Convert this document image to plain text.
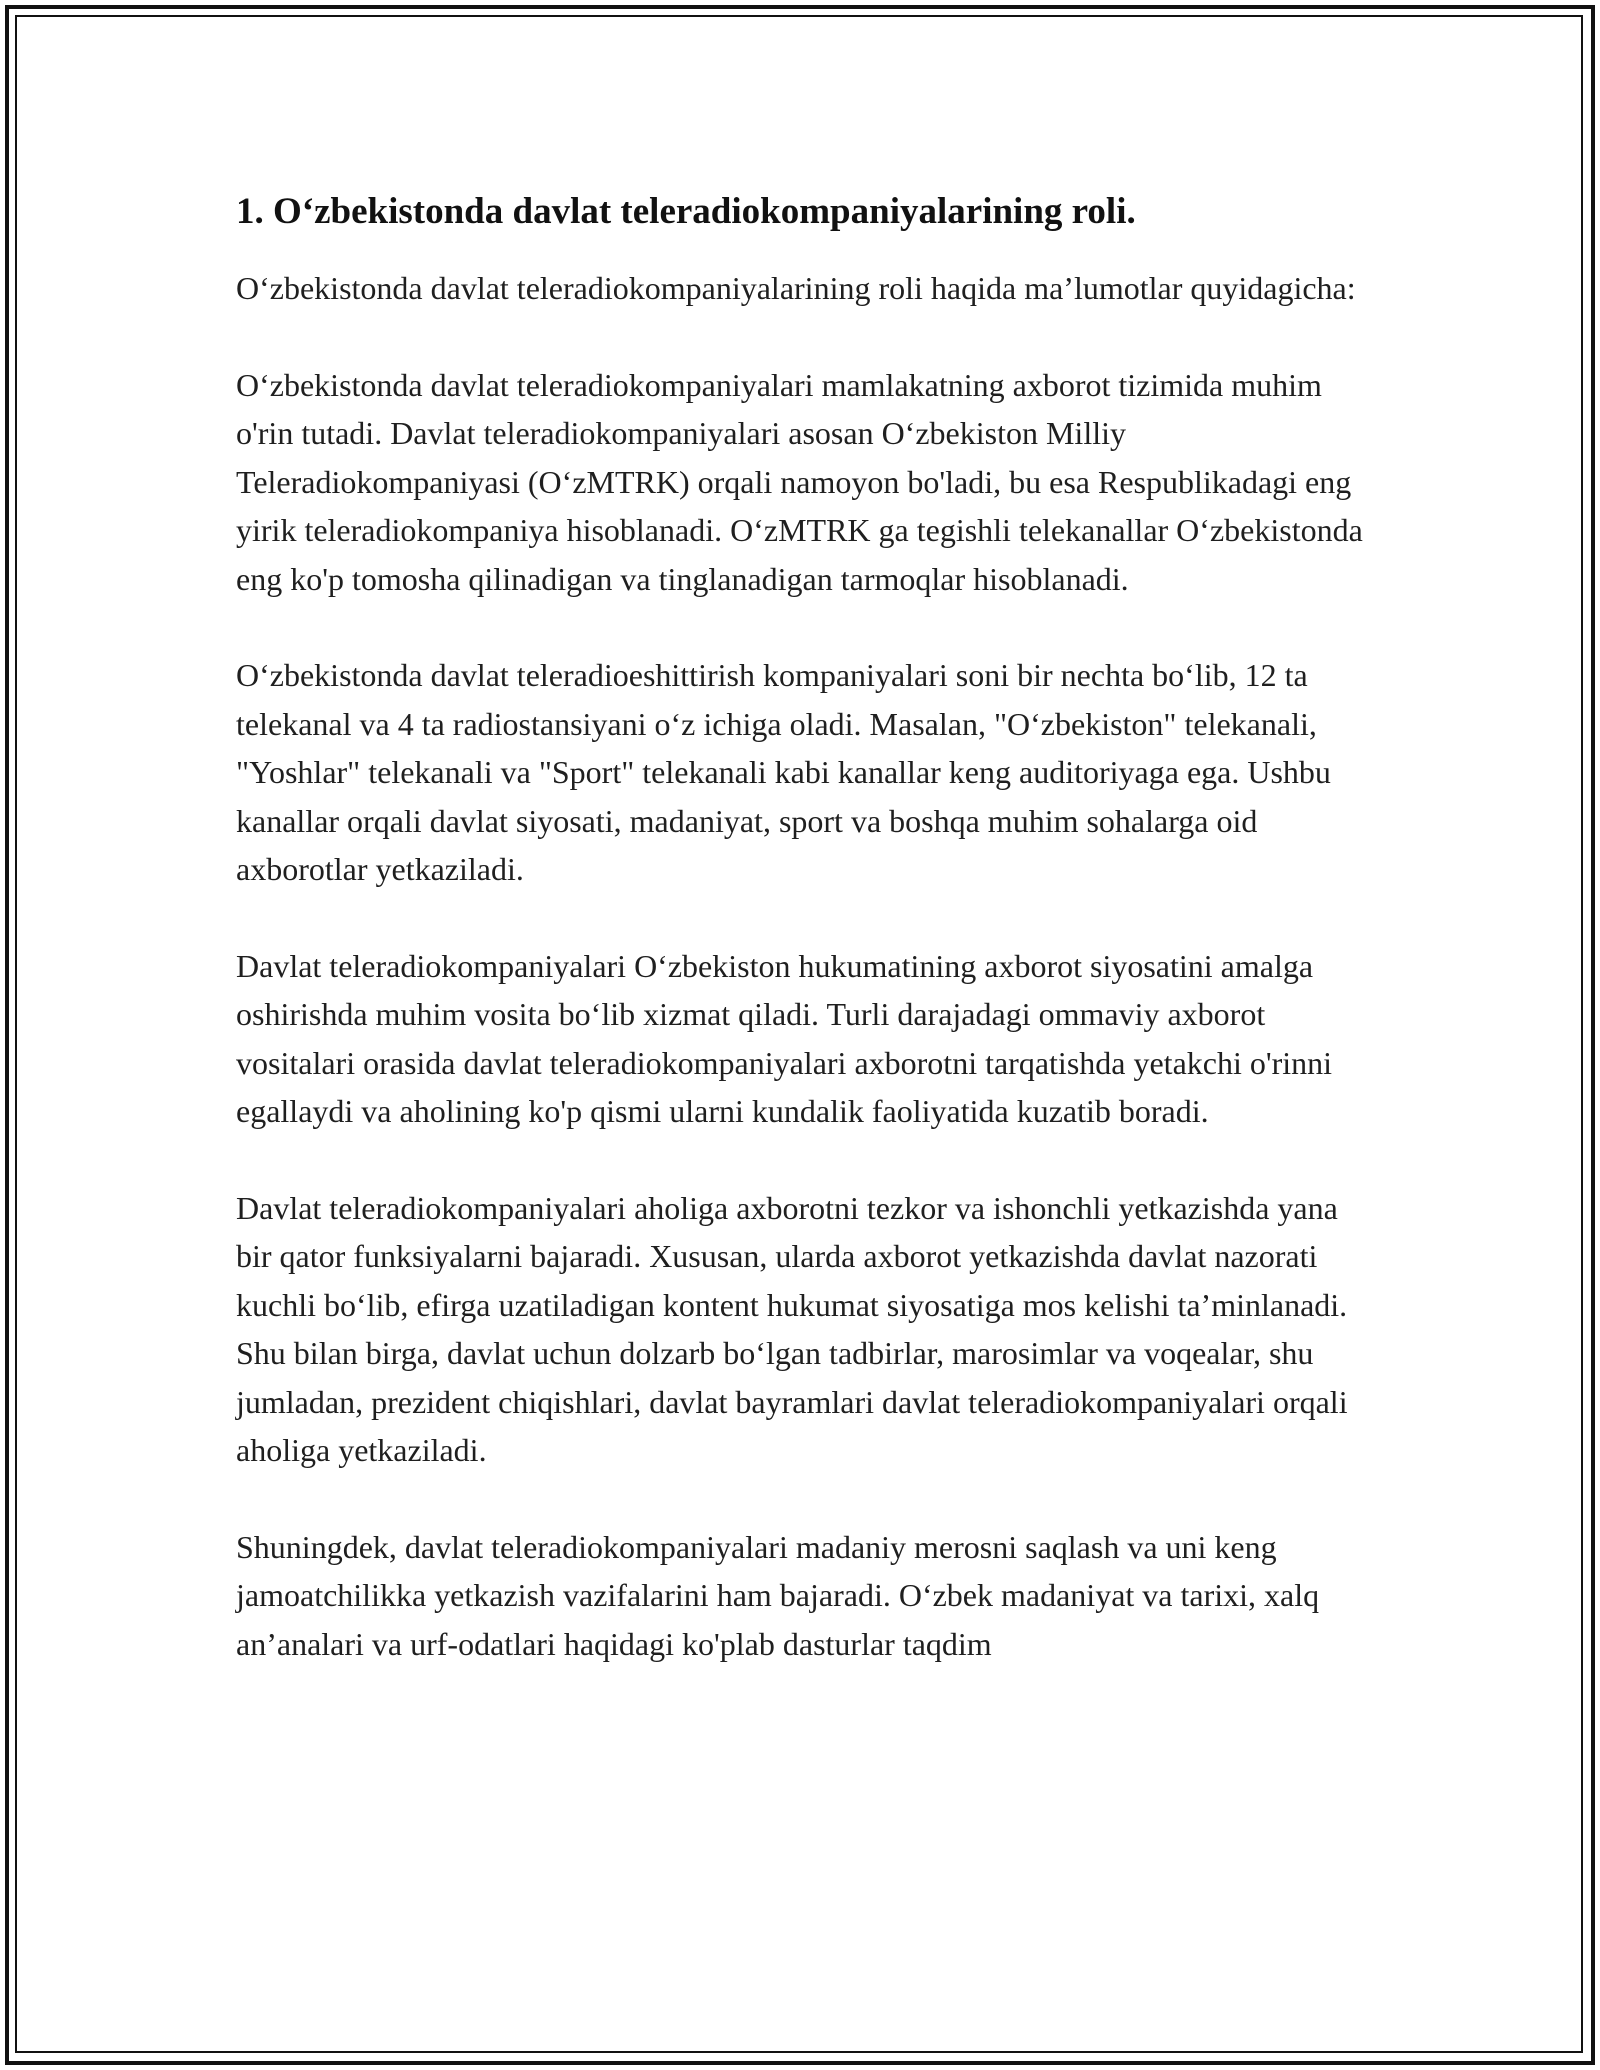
1. O‘zbekistonda davlat teleradiokompaniyalarining roli.

O‘zbekistonda davlat teleradiokompaniyalarining roli haqida ma’lumotlar quyidagicha:

O‘zbekistonda davlat teleradiokompaniyalari mamlakatning axborot tizimida muhim o'rin tutadi. Davlat teleradiokompaniyalari asosan O‘zbekiston Milliy Teleradiokompaniyasi (O‘zMTRK) orqali namoyon bo'ladi, bu esa Respublikadagi eng yirik teleradiokompaniya hisoblanadi. O‘zMTRK ga tegishli telekanallar O‘zbekistonda eng ko'p tomosha qilinadigan va tinglanadigan tarmoqlar hisoblanadi.

O‘zbekistonda davlat teleradioeshittirish kompaniyalari soni bir nechta bo‘lib, 12 ta telekanal va 4 ta radiostansiyani o‘z ichiga oladi. Masalan, "O‘zbekiston" telekanali, "Yoshlar" telekanali va "Sport" telekanali kabi kanallar keng auditoriyaga ega. Ushbu kanallar orqali davlat siyosati, madaniyat, sport va boshqa muhim sohalarga oid axborotlar yetkaziladi.

Davlat teleradiokompaniyalari O‘zbekiston hukumatining axborot siyosatini amalga oshirishda muhim vosita bo‘lib xizmat qiladi. Turli darajadagi ommaviy axborot vositalari orasida davlat teleradiokompaniyalari axborotni tarqatishda yetakchi o'rinni egallaydi va aholining ko'p qismi ularni kundalik faoliyatida kuzatib boradi.

Davlat teleradiokompaniyalari aholiga axborotni tezkor va ishonchli yetkazishda yana bir qator funksiyalarni bajaradi. Xususan, ularda axborot yetkazishda davlat nazorati kuchli bo‘lib, efirga uzatiladigan kontent hukumat siyosatiga mos kelishi ta’minlanadi. Shu bilan birga, davlat uchun dolzarb bo‘lgan tadbirlar, marosimlar va voqealar, shu jumladan, prezident chiqishlari, davlat bayramlari davlat teleradiokompaniyalari orqali aholiga yetkaziladi.

Shuningdek, davlat teleradiokompaniyalari madaniy merosni saqlash va uni keng jamoatchilikka yetkazish vazifalarini ham bajaradi. O‘zbek madaniyat va tarixi, xalq an’analari va urf-odatlari haqidagi ko'plab dasturlar taqdim
